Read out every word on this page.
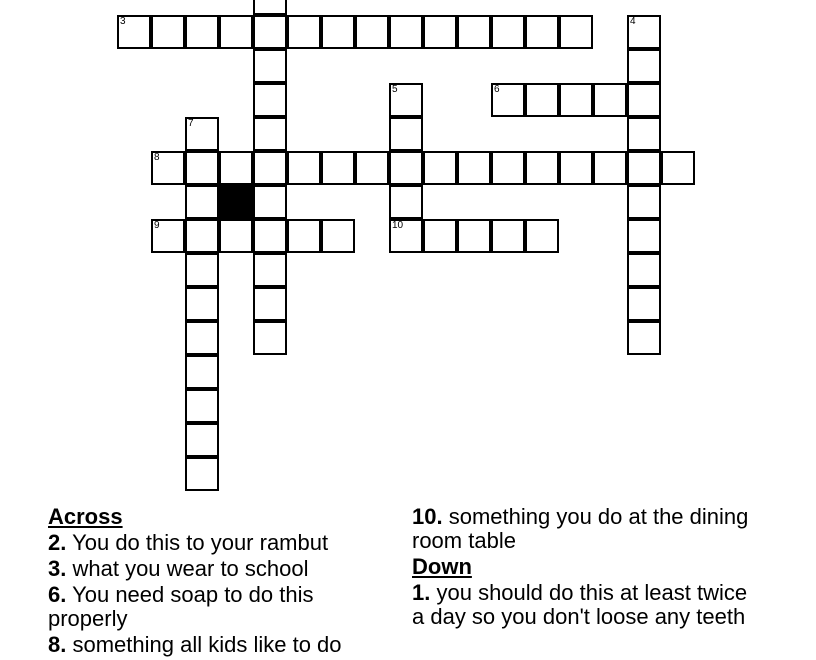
3	4
5	6
7
8
9	10
Across
2. You do this to your rambut
3. what you wear to school
6. You need soap to do this properly
8. something all kids like to do
10. something you do at the dining room table
Down
1. you should do this at least twice a day so you don't loose any teeth
